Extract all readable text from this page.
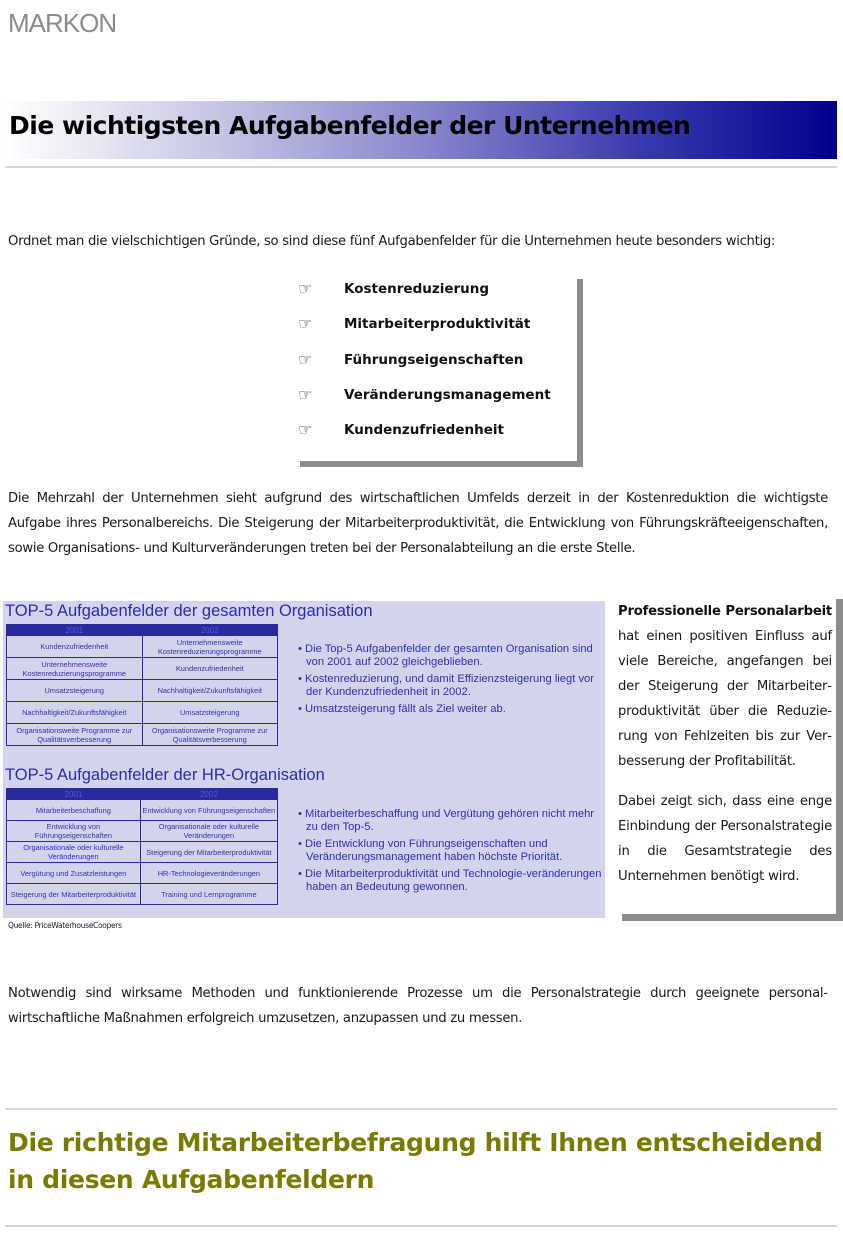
MARKON
Die wichtigsten Aufgabenfelder der Unternehmen
Ordnet man die vielschichtigen Gründe, so sind diese fünf Aufgabenfelder für die Unternehmen heute besonders wichtig:
☞ Kostenreduzierung
☞ Mitarbeiterproduktivität
☞ Führungseigenschaften
☞ Veränderungsmanagement
☞ Kundenzufriedenheit
Die Mehrzahl der Unternehmen sieht aufgrund des wirtschaftlichen Umfelds derzeit in der Kostenreduktion die wichtigste Aufgabe ihres Personalbereichs. Die Steigerung der Mitarbeiterproduktivität, die Entwicklung von Führungskräfteeigenschaften, sowie Organisations- und Kulturveränderungen treten bei der Personalabteilung an die erste Stelle.
TOP-5 Aufgabenfelder der gesamten Organisation
2001	2002
Kundenzufriedenheit	Unternehmensweite Kostenreduzierungsprogramme
Unternehmensweite Kostenreduzierungsprogramme	Kundenzufriedenheit
Umsatzsteigerung	Nachhaltigkeit/Zukunftsfähigkeit
Nachhaltigkeit/Zukunftsfähigkeit	Umsatzsteigerung
Organisationsweite Programme zur Qualitätsverbesserung	Organisationsweite Programme zur Qualitätsverbesserung
• Die Top-5 Aufgabenfelder der gesamten Organisation sind von 2001 auf 2002 gleichgeblieben.
• Kostenreduzierung, und damit Effizienzsteigerung liegt vor der Kundenzufriedenheit in 2002.
• Umsatzsteigerung fällt als Ziel weiter ab.
TOP-5 Aufgabenfelder der HR-Organisation
2001	2002
Mitarbeiterbeschaffung	Entwicklung von Führungseigenschaften
Entwicklung von Führungseigenschaften	Organisationale oder kulturelle Veränderungen
Organisationale oder kulturelle Veränderungen	Steigerung der Mitarbeiterproduktivität
Vergütung und Zusatzleistungen	HR-Technologieveränderungen
Steigerung der Mitarbeiterproduktivität	Training und Lernprogramme
• Mitarbeiterbeschaffung und Vergütung gehören nicht mehr zu den Top-5.
• Die Entwicklung von Führungseigenschaften und Veränderungsmanagement haben höchste Priorität.
• Die Mitarbeiterproduktivität und Technologie-veränderungen haben an Bedeutung gewonnen.
Quelle: PriceWaterhouseCoopers

Professionelle Personalarbeit hat einen positiven Einfluss auf viele Bereiche, angefangen bei der Steigerung der Mitarbeiterproduktivität über die Reduzierung von Fehlzeiten bis zur Verbesserung der Profitabilität.

Dabei zeigt sich, dass eine enge Einbindung der Personalstrategie in die Gesamtstrategie des Unternehmen benötigt wird.

Notwendig sind wirksame Methoden und funktionierende Prozesse um die Personalstrategie durch geeignete personalwirtschaftliche Maßnahmen erfolgreich umzusetzen, anzupassen und zu messen.
Die richtige Mitarbeiterbefragung hilft Ihnen entscheidend in diesen Aufgabenfeldern
